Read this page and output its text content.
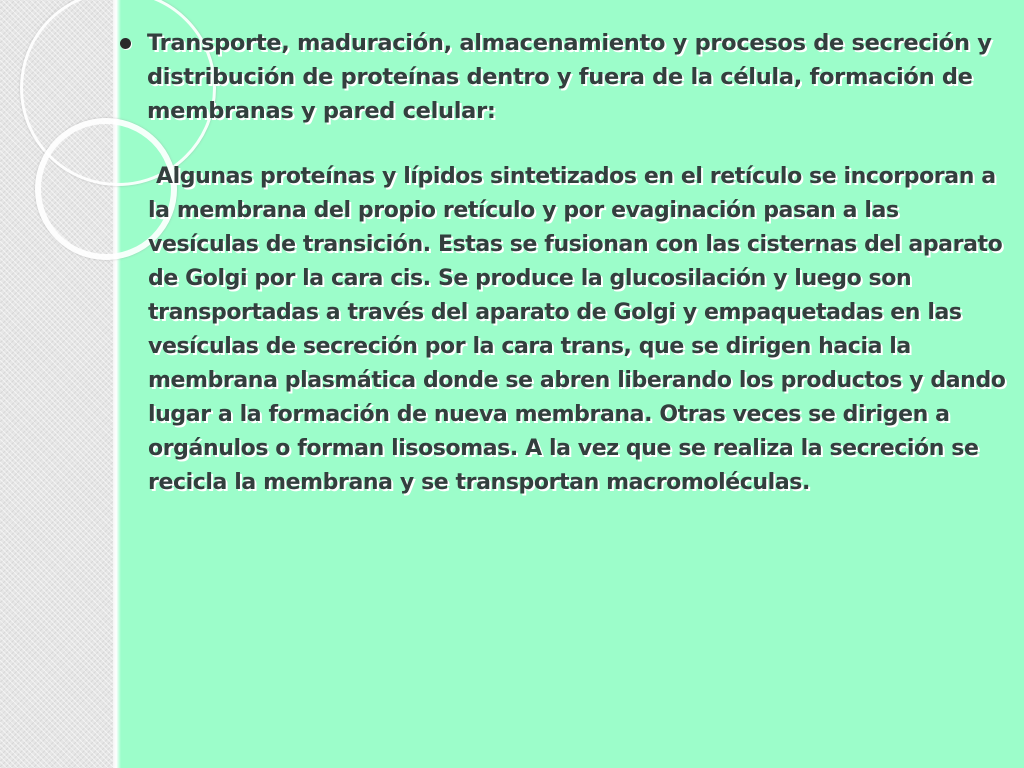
Transporte, maduración, almacenamiento y procesos de secreción y distribución de proteínas dentro y fuera de la célula, formación de membranas y pared celular:
Algunas proteínas y lípidos sintetizados en el retículo se incorporan a la membrana del propio retículo y por evaginación pasan a las vesículas de transición. Estas se fusionan con las cisternas del aparato de Golgi por la cara cis. Se produce la glucosilación y luego son transportadas a través del aparato de Golgi y empaquetadas en las vesículas de secreción por la cara trans, que se dirigen hacia la membrana plasmática donde se abren liberando los productos y dando lugar a la formación de nueva membrana. Otras veces se dirigen a orgánulos o forman lisosomas. A la vez que se realiza la secreción se recicla la membrana y se transportan macromoléculas.
